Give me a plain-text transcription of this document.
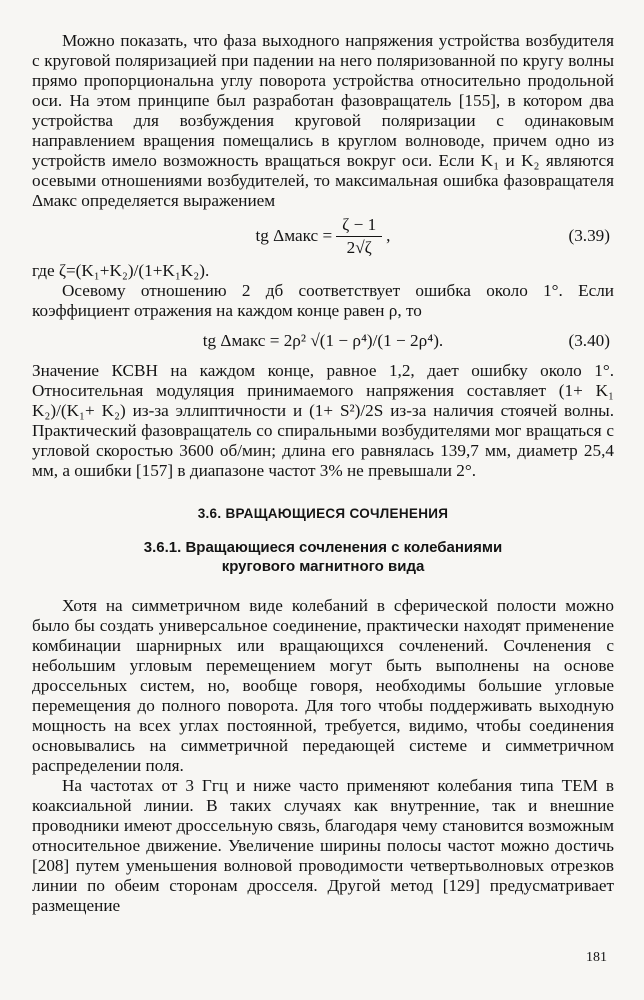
Можно показать, что фаза выходного напряжения устройства возбудителя с круговой поляризацией при падении на него поляризованной по кругу волны прямо пропорциональна углу поворота устройства относительно продольной оси. На этом принципе был разработан фазовращатель [155], в котором два устройства для возбуждения круговой поляризации с одинаковым направлением вращения помещались в круглом волноводе, причем одно из устройств имело возможность вращаться вокруг оси. Если K₁ и K₂ являются осевыми отношениями возбудителей, то максимальная ошибка фазовращателя Δмакс определяется выражением

tg Δмакс = $\frac{\zeta - 1}{2√\zeta}$ ,	(3.39)

где ζ=(K₁+K₂)/(1+K₁K₂).

Осевому отношению 2 дб соответствует ошибка около 1°. Если коэффициент отражения на каждом конце равен ρ, то

tg Δмакс = 2ρ² √(1 − ρ⁴)/(1 − 2ρ⁴).	(3.40)

Значение КСВН на каждом конце, равное 1,2, дает ошибку около 1°. Относительная модуляция принимаемого напряжения составляет (1+ K₁ K₂)/(K₁+ K₂) из-за эллиптичности и (1+ S²)/2S из-за наличия стоячей волны. Практический фазовращатель со спиральными возбудителями мог вращаться с угловой скоростью 3600 об/мин; длина его равнялась 139,7 мм, диаметр 25,4 мм, а ошибки [157] в диапазоне частот 3% не превышали 2°.

3.6. ВРАЩАЮЩИЕСЯ СОЧЛЕНЕНИЯ
3.6.1. Вращающиеся сочленения с колебаниями
кругового магнитного вида

Хотя на симметричном виде колебаний в сферической полости можно было бы создать универсальное соединение, практически находят применение комбинации шарнирных или вращающихся сочленений. Сочленения с небольшим угловым перемещением могут быть выполнены на основе дроссельных систем, но, вообще говоря, необходимы большие угловые перемещения до полного поворота. Для того чтобы поддерживать выходную мощность на всех углах постоянной, требуется, видимо, чтобы соединения основывались на симметричной передающей системе и симметричном распределении поля.

На частотах от 3 Ггц и ниже часто применяют колебания типа ТЕМ в коаксиальной линии. В таких случаях как внутренние, так и внешние проводники имеют дроссельную связь, благодаря чему становится возможным относительное движение. Увеличение ширины полосы частот можно достичь [208] путем уменьшения волновой проводимости четвертьволновых отрезков линии по обеим сторонам дросселя. Другой метод [129] предусматривает размещение

181
